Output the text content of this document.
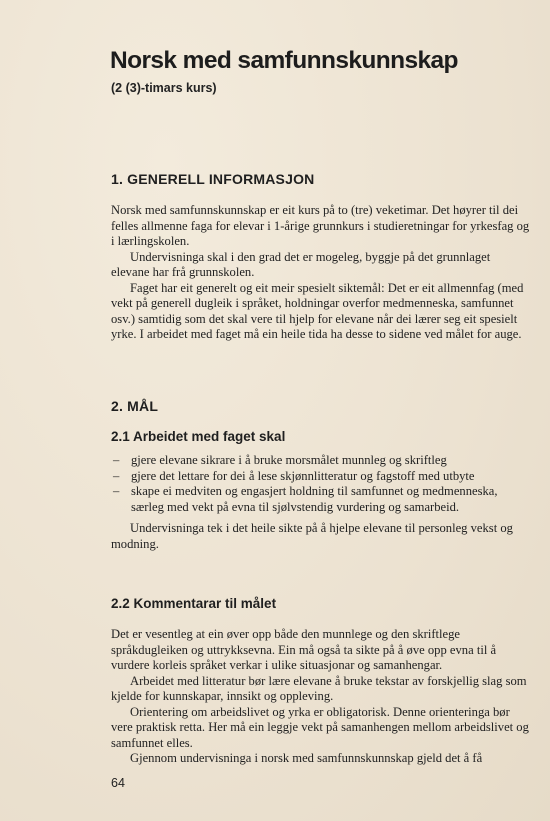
Norsk med samfunnskunnskap
(2 (3)-timars kurs)
1. GENERELL INFORMASJON

Norsk med samfunnskunnskap er eit kurs på to (tre) veketimar. Det høyrer til dei felles allmenne faga for elevar i 1-årige grunnkurs i studieretningar for yrkesfag og i lærlingskolen.

Undervisninga skal i den grad det er mogeleg, byggje på det grunnlaget elevane har frå grunnskolen.

Faget har eit generelt og eit meir spesielt siktemål: Det er eit allmennfag (med vekt på generell dugleik i språket, holdningar overfor medmenneska, samfunnet osv.) samtidig som det skal vere til hjelp for elevane når dei lærer seg eit spesielt yrke. I arbeidet med faget må ein heile tida ha desse to sidene ved målet for auge.

2. MÅL
2.1 Arbeidet med faget skal
– gjere elevane sikrare i å bruke morsmålet munnleg og skriftleg
– gjere det lettare for dei å lese skjønnlitteratur og fagstoff med utbyte
– skape ei medviten og engasjert holdning til samfunnet og medmenneska, særleg med vekt på evna til sjølvstendig vurdering og samarbeid.

Undervisninga tek i det heile sikte på å hjelpe elevane til personleg vekst og modning.

2.2 Kommentarar til målet

Det er vesentleg at ein øver opp både den munnlege og den skriftlege språkdugleiken og uttrykksevna. Ein må også ta sikte på å øve opp evna til å vurdere korleis språket verkar i ulike situasjonar og samanhengar.

Arbeidet med litteratur bør lære elevane å bruke tekstar av forskjellig slag som kjelde for kunnskapar, innsikt og oppleving.

Orientering om arbeidslivet og yrka er obligatorisk. Denne orienteringa bør vere praktisk retta. Her må ein leggje vekt på samanhengen mellom arbeidslivet og samfunnet elles.

Gjennom undervisninga i norsk med samfunnskunnskap gjeld det å få

64
